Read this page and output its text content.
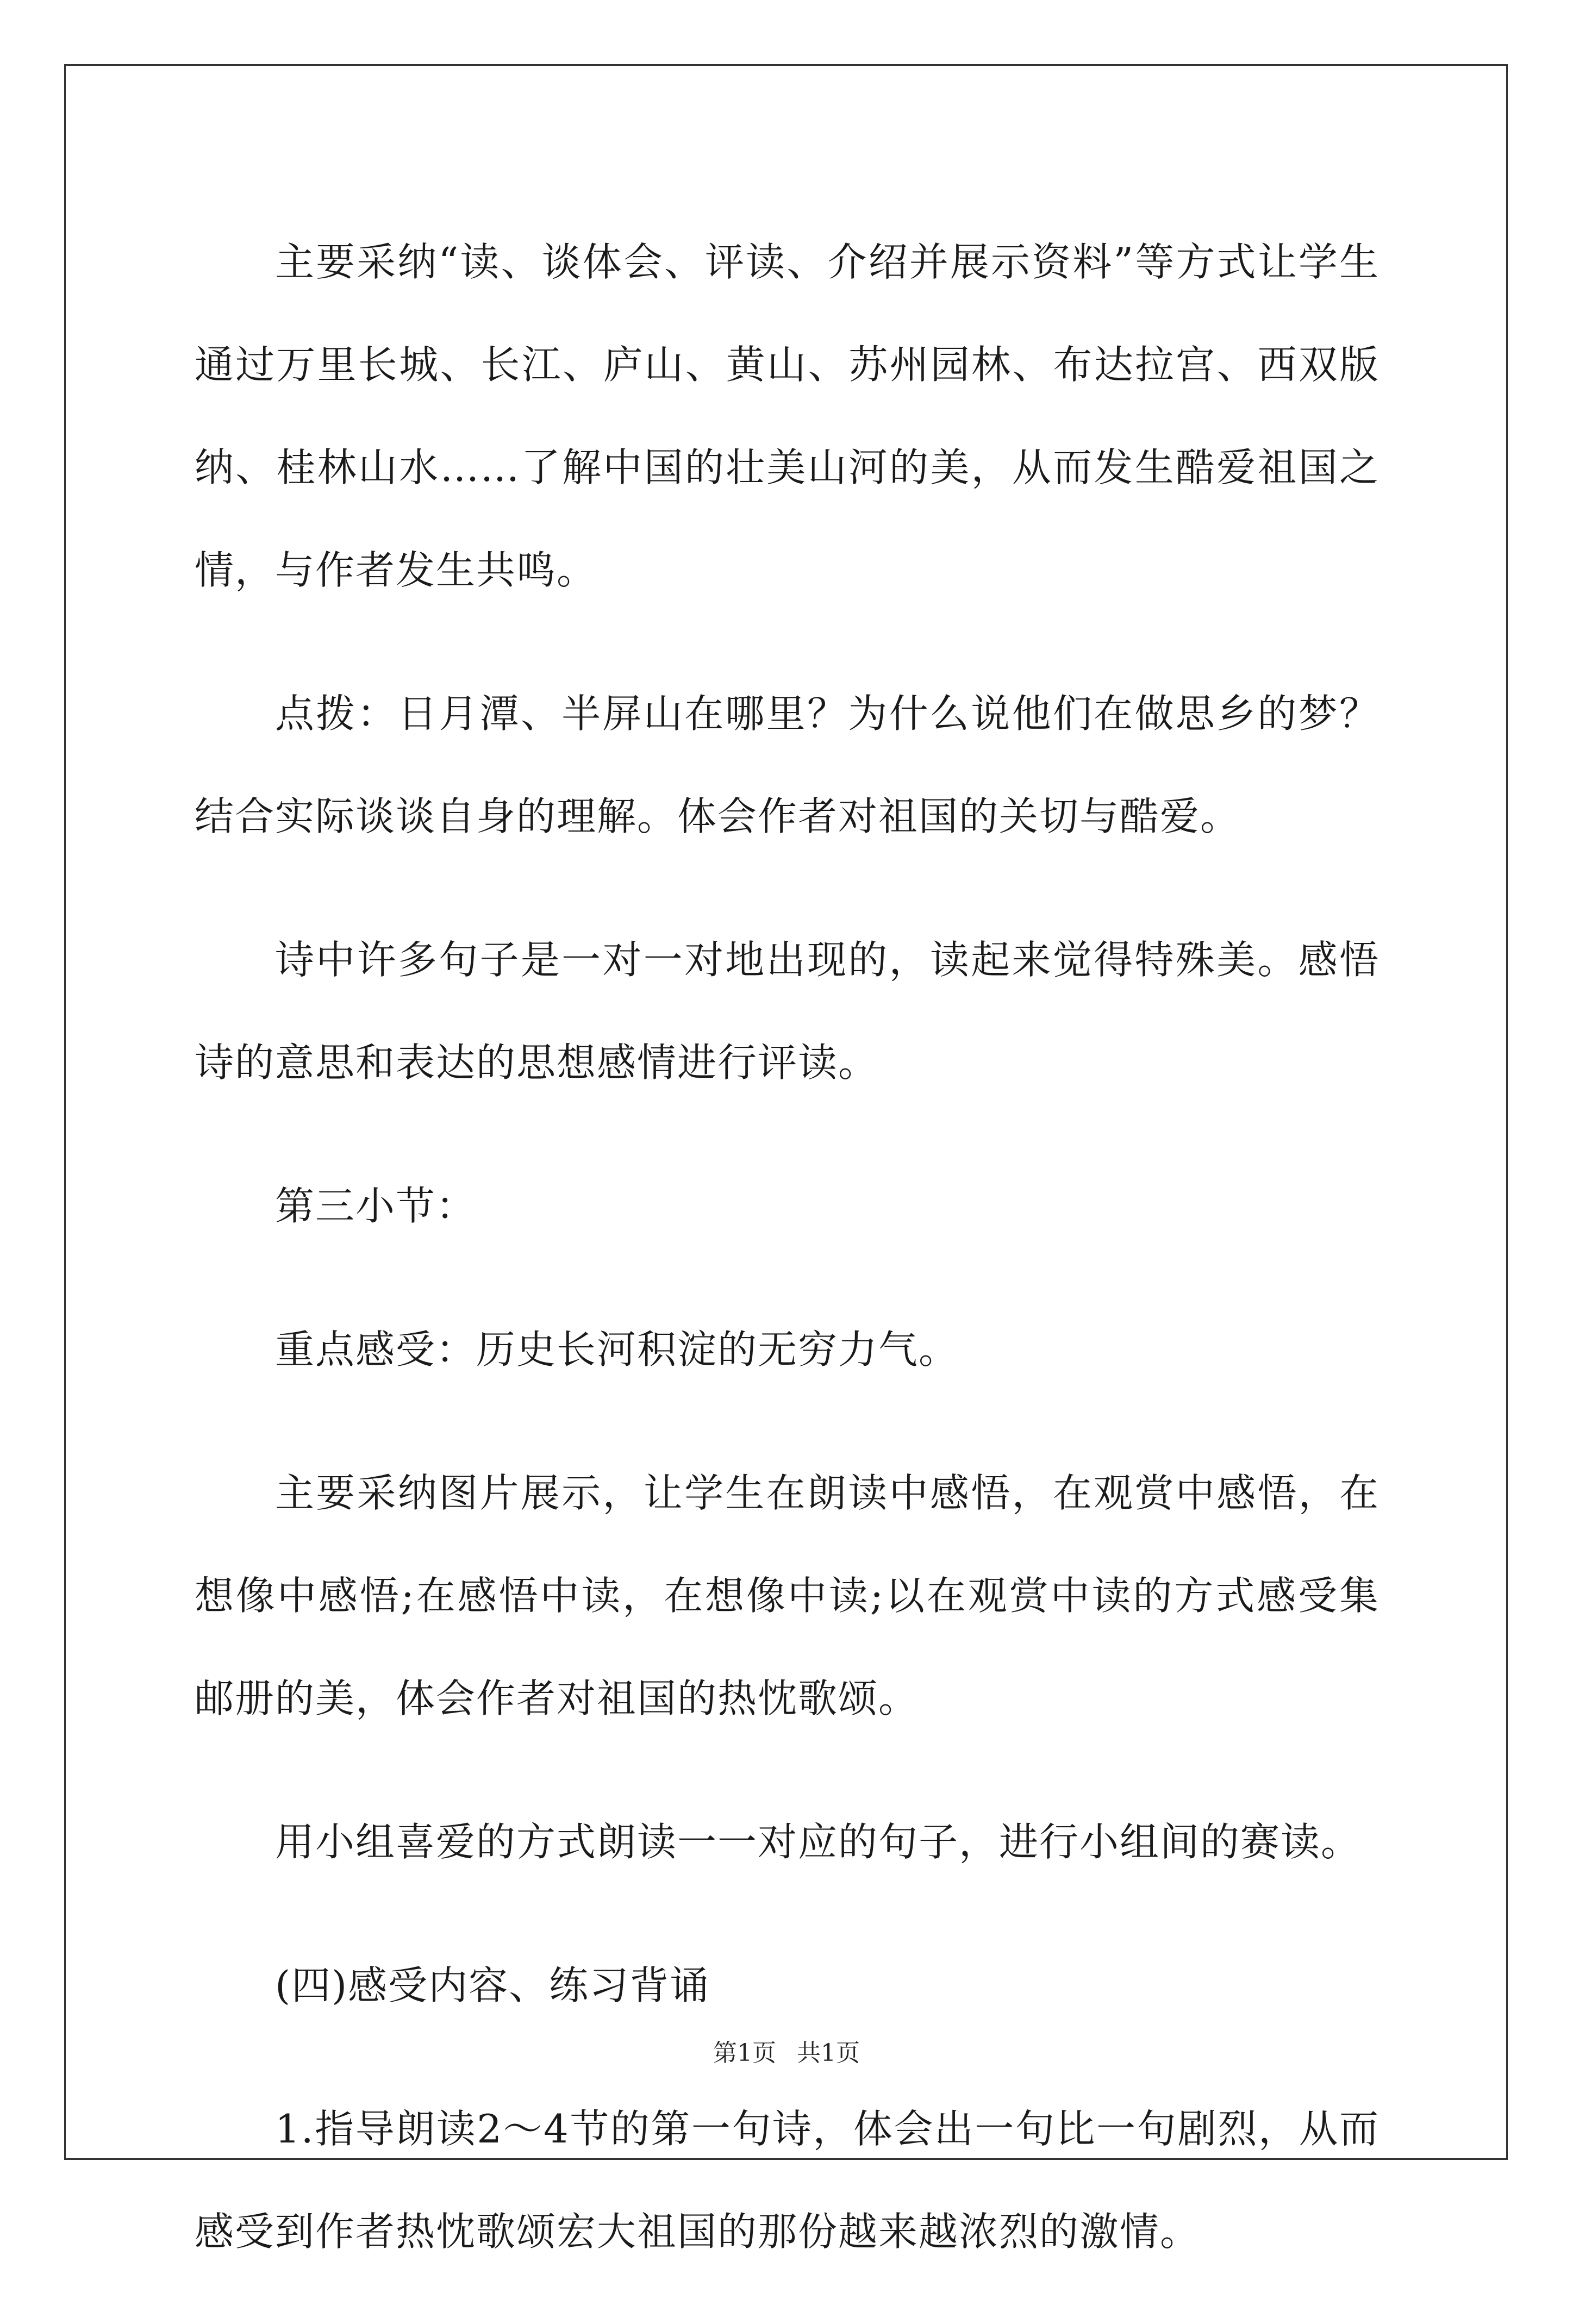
主要采纳“读、谈体会、评读、介绍并展示资料”等方式让学生通过万里长城、长江、庐山、黄山、苏州园林、布达拉宫、西双版纳、桂林山水……了解中国的壮美山河的美，从而发生酷爱祖国之情，与作者发生共鸣。

点拨：日月潭、半屏山在哪里？为什么说他们在做思乡的梦？结合实际谈谈自身的理解。体会作者对祖国的关切与酷爱。

诗中许多句子是一对一对地出现的，读起来觉得特殊美。感悟诗的意思和表达的思想感情进行评读。

第三小节：

重点感受：历史长河积淀的无穷力气。

主要采纳图片展示，让学生在朗读中感悟，在观赏中感悟，在想像中感悟;在感悟中读，在想像中读;以在观赏中读的方式感受集邮册的美，体会作者对祖国的热忱歌颂。

用小组喜爱的方式朗读一一对应的句子，进行小组间的赛读。

(四)感受内容、练习背诵

1.指导朗读2～4节的第一句诗，体会出一句比一句剧烈，从而感受到作者热忱歌颂宏大祖国的那份越来越浓烈的激情。

第1页 共1页
